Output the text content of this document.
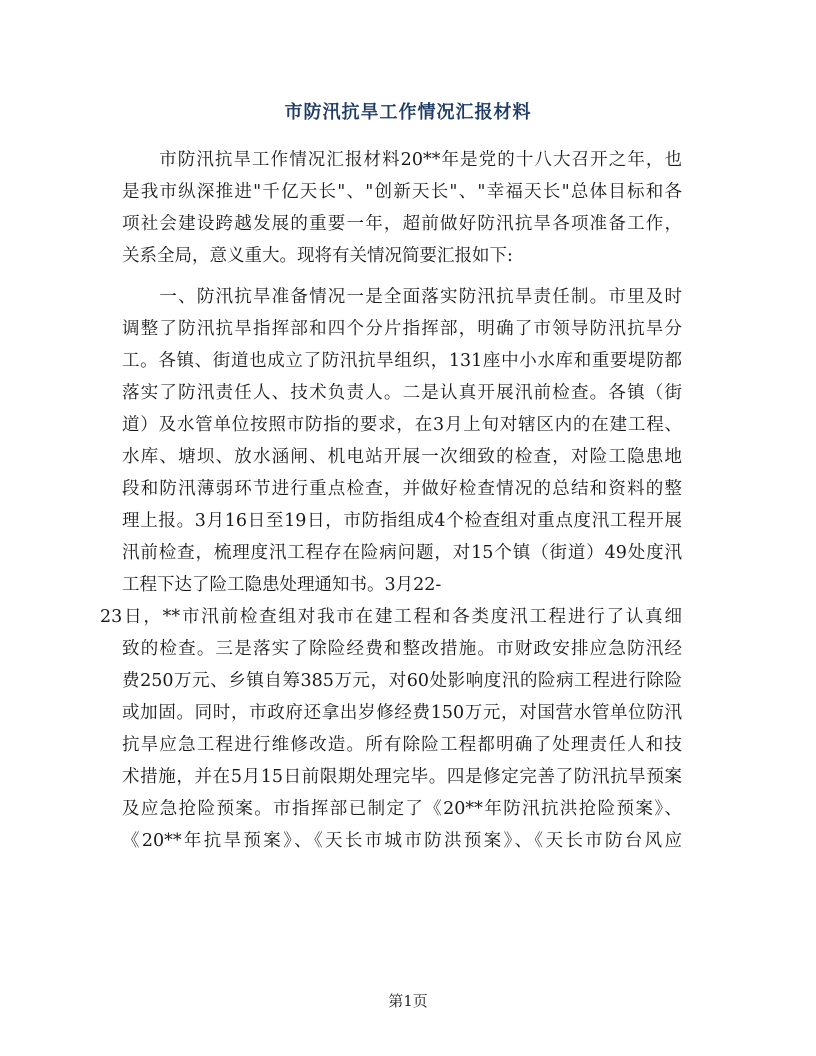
市防汛抗旱工作情况汇报材料
　　市防汛抗旱工作情况汇报材料20**年是党的十八大召开之年，也
是我市纵深推进"千亿天长"、"创新天长"、"幸福天长"总体目标和各
项社会建设跨越发展的重要一年，超前做好防汛抗旱各项准备工作，
关系全局，意义重大。现将有关情况简要汇报如下:
　　一、防汛抗旱准备情况一是全面落实防汛抗旱责任制。市里及时
调整了防汛抗旱指挥部和四个分片指挥部，明确了市领导防汛抗旱分
工。各镇、街道也成立了防汛抗旱组织，131座中小水库和重要堤防都
落实了防汛责任人、技术负责人。二是认真开展汛前检查。各镇（街
道）及水管单位按照市防指的要求，在3月上旬对辖区内的在建工程、
水库、塘坝、放水涵闸、机电站开展一次细致的检查，对险工隐患地
段和防汛薄弱环节进行重点检查，并做好检查情况的总结和资料的整
理上报。3月16日至19日，市防指组成4个检查组对重点度汛工程开展
汛前检查，梳理度汛工程存在险病问题，对15个镇（街道）49处度汛
工程下达了险工隐患处理通知书。3月22-
23日，**市汛前检查组对我市在建工程和各类度汛工程进行了认真细
致的检查。三是落实了除险经费和整改措施。市财政安排应急防汛经
费250万元、乡镇自筹385万元，对60处影响度汛的险病工程进行除险
或加固。同时，市政府还拿出岁修经费150万元，对国营水管单位防汛
抗旱应急工程进行维修改造。所有除险工程都明确了处理责任人和技
术措施，并在5月15日前限期处理完毕。四是修定完善了防汛抗旱预案
及应急抢险预案。市指挥部已制定了《20**年防汛抗洪抢险预案》、
《20**年抗旱预案》、《天长市城市防洪预案》、《天长市防台风应
第1页
